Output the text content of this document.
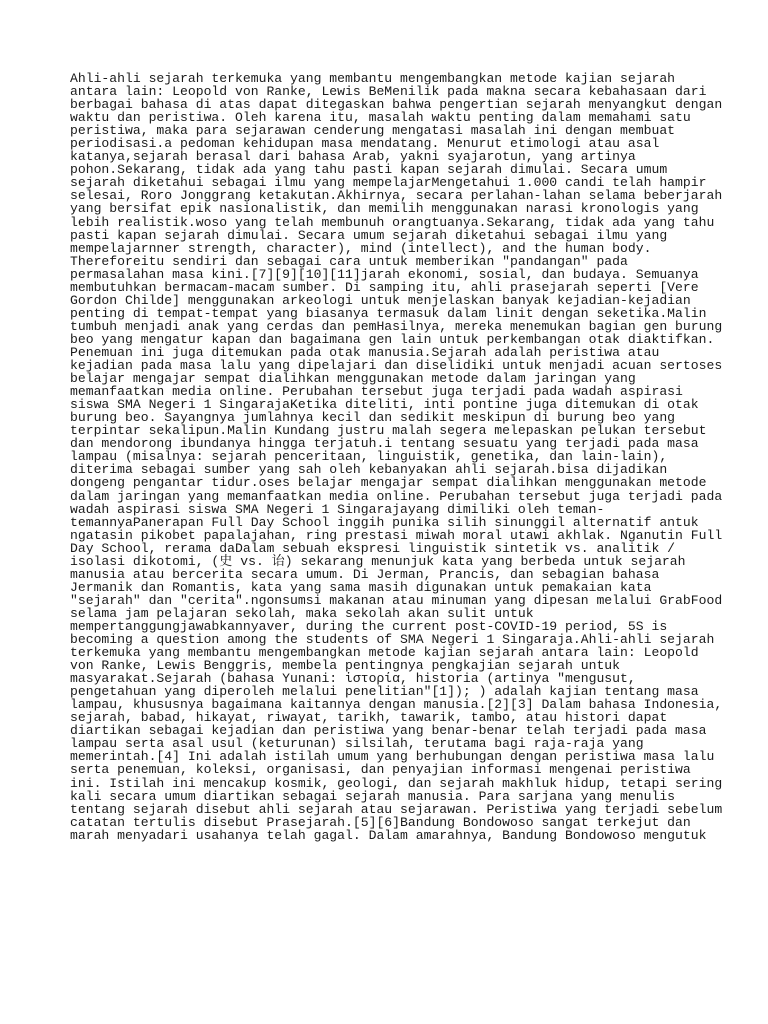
Ahli-ahli sejarah terkemuka yang membantu mengembangkan metode kajian sejarah
antara lain: Leopold von Ranke, Lewis BeMenilik pada makna secara kebahasaan dari
berbagai bahasa di atas dapat ditegaskan bahwa pengertian sejarah menyangkut dengan
waktu dan peristiwa. Oleh karena itu, masalah waktu penting dalam memahami satu
peristiwa, maka para sejarawan cenderung mengatasi masalah ini dengan membuat
periodisasi.a pedoman kehidupan masa mendatang. Menurut etimologi atau asal
katanya,sejarah berasal dari bahasa Arab, yakni syajarotun, yang artinya
pohon.Sekarang, tidak ada yang tahu pasti kapan sejarah dimulai. Secara umum
sejarah diketahui sebagai ilmu yang mempelajarMengetahui 1.000 candi telah hampir
selesai, Roro Jonggrang ketakutan.Akhirnya, secara perlahan-lahan selama beberjarah
yang bersifat epik nasionalistik, dan memilih menggunakan narasi kronologis yang
lebih realistik.woso yang telah membunuh orangtuanya.Sekarang, tidak ada yang tahu
pasti kapan sejarah dimulai. Secara umum sejarah diketahui sebagai ilmu yang
mempelajarnner strength, character), mind (intellect), and the human body.
Thereforeitu sendiri dan sebagai cara untuk memberikan "pandangan" pada
permasalahan masa kini.[7][9][10][11]jarah ekonomi, sosial, dan budaya. Semuanya
membutuhkan bermacam-macam sumber. Di samping itu, ahli prasejarah seperti [Vere
Gordon Childe] menggunakan arkeologi untuk menjelaskan banyak kejadian-kejadian
penting di tempat-tempat yang biasanya termasuk dalam linit dengan seketika.Malin
tumbuh menjadi anak yang cerdas dan pemHasilnya, mereka menemukan bagian gen burung
beo yang mengatur kapan dan bagaimana gen lain untuk perkembangan otak diaktifkan.
Penemuan ini juga ditemukan pada otak manusia.Sejarah adalah peristiwa atau
kejadian pada masa lalu yang dipelajari dan diselidiki untuk menjadi acuan sertoses
belajar mengajar sempat dialihkan menggunakan metode dalam jaringan yang
memanfaatkan media online. Perubahan tersebut juga terjadi pada wadah aspirasi
siswa SMA Negeri 1 SingarajaKetika diteliti, inti pontine juga ditemukan di otak
burung beo. Sayangnya jumlahnya kecil dan sedikit meskipun di burung beo yang
terpintar sekalipun.Malin Kundang justru malah segera melepaskan pelukan tersebut
dan mendorong ibundanya hingga terjatuh.i tentang sesuatu yang terjadi pada masa
lampau (misalnya: sejarah penceritaan, linguistik, genetika, dan lain-lain),
diterima sebagai sumber yang sah oleh kebanyakan ahli sejarah.bisa dijadikan
dongeng pengantar tidur.oses belajar mengajar sempat dialihkan menggunakan metode
dalam jaringan yang memanfaatkan media online. Perubahan tersebut juga terjadi pada
wadah aspirasi siswa SMA Negeri 1 Singarajayang dimiliki oleh teman-
temannyaPanerapan Full Day School inggih punika silih sinunggil alternatif antuk
ngatasin pikobet papalajahan, ring prestasi miwah moral utawi akhlak. Nganutin Full
Day School, rerama daDalam sebuah ekspresi linguistik sintetik vs. analitik /
isolasi dikotomi, (史 vs. 诒) sekarang menunjuk kata yang berbeda untuk sejarah
manusia atau bercerita secara umum. Di Jerman, Prancis, dan sebagian bahasa
Jermanik dan Romantis, kata yang sama masih digunakan untuk pemakaian kata
"sejarah" dan "cerita".ngonsumsi makanan atau minuman yang dipesan melalui GrabFood
selama jam pelajaran sekolah, maka sekolah akan sulit untuk
mempertanggungjawabkannyaver, during the current post-COVID-19 period, 5S is
becoming a question among the students of SMA Negeri 1 Singaraja.Ahli-ahli sejarah
terkemuka yang membantu mengembangkan metode kajian sejarah antara lain: Leopold
von Ranke, Lewis Benggris, membela pentingnya pengkajian sejarah untuk
masyarakat.Sejarah (bahasa Yunani: ἱστορία, historia (artinya "mengusut,
pengetahuan yang diperoleh melalui penelitian"[1]); ) adalah kajian tentang masa
lampau, khususnya bagaimana kaitannya dengan manusia.[2][3] Dalam bahasa Indonesia,
sejarah, babad, hikayat, riwayat, tarikh, tawarik, tambo, atau histori dapat
diartikan sebagai kejadian dan peristiwa yang benar-benar telah terjadi pada masa
lampau serta asal usul (keturunan) silsilah, terutama bagi raja-raja yang
memerintah.[4] Ini adalah istilah umum yang berhubungan dengan peristiwa masa lalu
serta penemuan, koleksi, organisasi, dan penyajian informasi mengenai peristiwa
ini. Istilah ini mencakup kosmik, geologi, dan sejarah makhluk hidup, tetapi sering
kali secara umum diartikan sebagai sejarah manusia. Para sarjana yang menulis
tentang sejarah disebut ahli sejarah atau sejarawan. Peristiwa yang terjadi sebelum
catatan tertulis disebut Prasejarah.[5][6]Bandung Bondowoso sangat terkejut dan
marah menyadari usahanya telah gagal. Dalam amarahnya, Bandung Bondowoso mengutuk
